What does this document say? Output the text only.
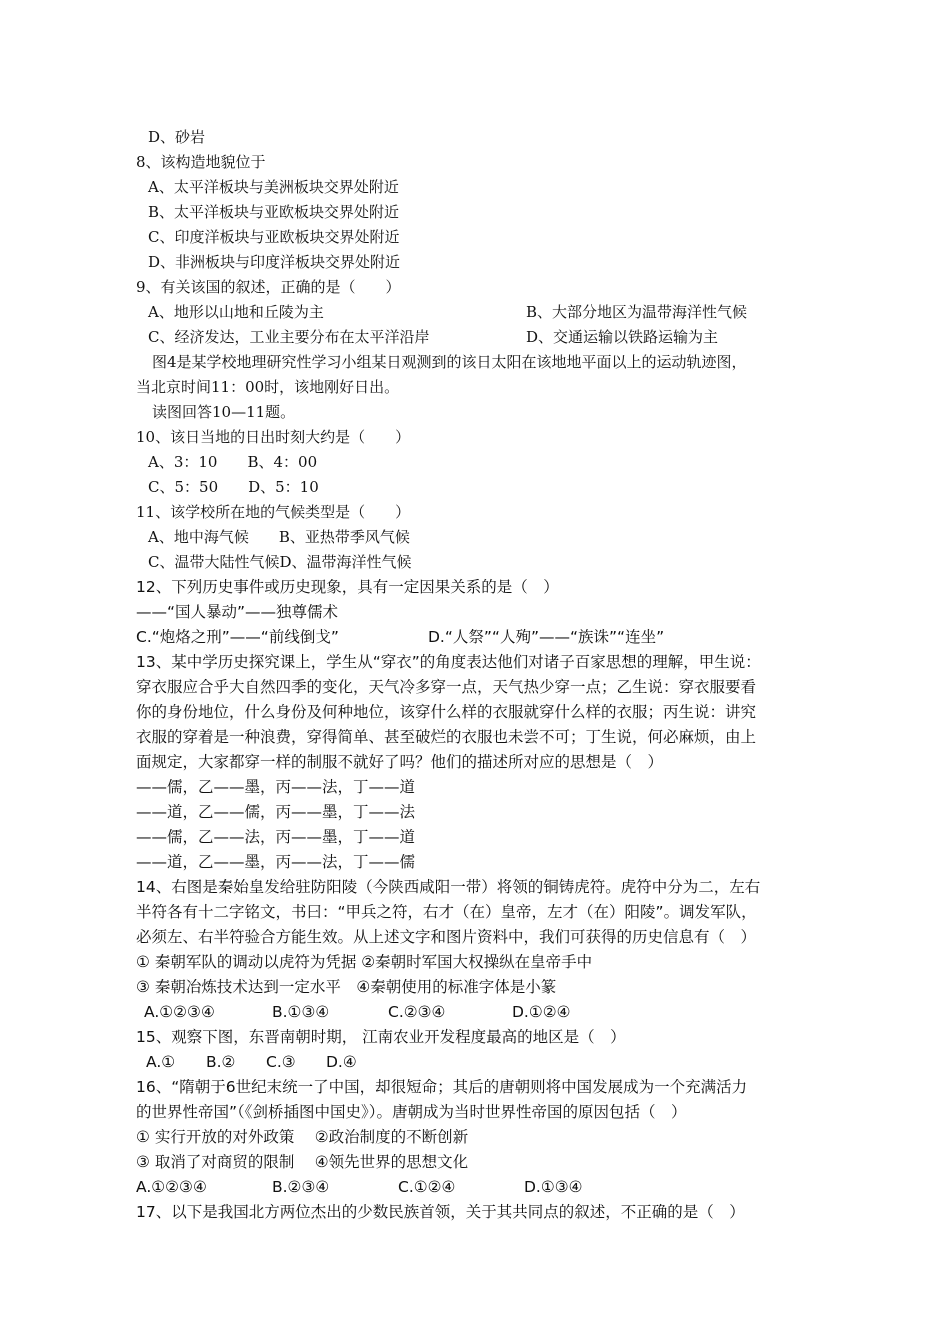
D、砂岩
8、该构造地貌位于
A、太平洋板块与美洲板块交界处附近
B、太平洋板块与亚欧板块交界处附近
C、印度洋板块与亚欧板块交界处附近
D、非洲板块与印度洋板块交界处附近
9、有关该国的叙述，正确的是（　　）
A、地形以山地和丘陵为主	B、大部分地区为温带海洋性气候
C、经济发达，工业主要分布在太平洋沿岸	D、交通运输以铁路运输为主
图4是某学校地理研究性学习小组某日观测到的该日太阳在该地地平面以上的运动轨迹图，
当北京时间11：00时，该地刚好日出。
读图回答10—11题。
10、该日当地的日出时刻大约是（　　）
A、3：10　　B、4：00
C、5：50　　D、5：10
11、该学校所在地的气候类型是（　　）
A、地中海气候　　B、亚热带季风气候
C、温带大陆性气候D、温带海洋性气候
12、下列历史事件或历史现象，具有一定因果关系的是（　）
——“国人暴动”——独尊儒术
C.“炮烙之刑”——“前线倒戈”	D.“人祭”“人殉”——“族诛”“连坐”
13、某中学历史探究课上，学生从“穿衣”的角度表达他们对诸子百家思想的理解，甲生说：
穿衣服应合乎大自然四季的变化，天气冷多穿一点，天气热少穿一点；乙生说：穿衣服要看
你的身份地位，什么身份及何种地位，该穿什么样的衣服就穿什么样的衣服；丙生说：讲究
衣服的穿着是一种浪费，穿得简单、甚至破烂的衣服也未尝不可；丁生说，何必麻烦，由上
面规定，大家都穿一样的制服不就好了吗？他们的描述所对应的思想是（　）
——儒，乙——墨，丙——法，丁——道
——道，乙——儒，丙——墨，丁——法
——儒，乙——法，丙——墨，丁——道
——道，乙——墨，丙——法，丁——儒
14、右图是秦始皇发给驻防阳陵（今陕西咸阳一带）将领的铜铸虎符。虎符中分为二，左右
半符各有十二字铭文，书曰：“甲兵之符，右才（在）皇帝，左才（在）阳陵”。调发军队，
必须左、右半符验合方能生效。从上述文字和图片资料中，我们可获得的历史信息有（　）
① 秦朝军队的调动以虎符为凭据 ②秦朝时军国大权操纵在皇帝手中
③ 秦朝冶炼技术达到一定水平　④秦朝使用的标准字体是小篆
A.①②③④	B.①③④	C.②③④	D.①②④
15、观察下图，东晋南朝时期， 江南农业开发程度最高的地区是（　）
A.① B.② C.③ D.④
16、“隋朝于6世纪末统一了中国，却很短命；其后的唐朝则将中国发展成为一个充满活力
的世界性帝国”（《剑桥插图中国史》）。唐朝成为当时世界性帝国的原因包括（　）
① 实行开放的对外政策　 ②政治制度的不断创新
③ 取消了对商贸的限制　 ④领先世界的思想文化
A.①②③④	B.②③④	C.①②④	D.①③④
17、以下是我国北方两位杰出的少数民族首领，关于其共同点的叙述，不正确的是（　）
